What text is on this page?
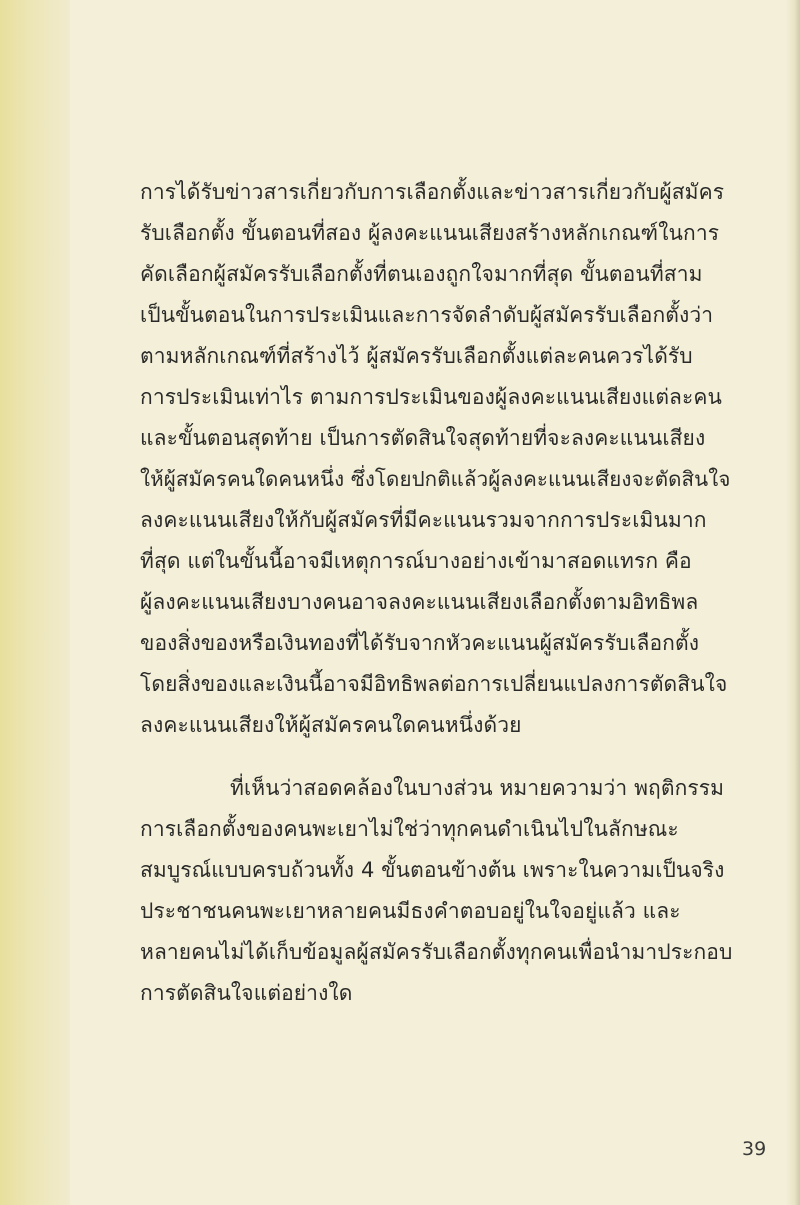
การได้รับข่าวสารเกี่ยวกับการเลือกตั้งและข่าวสารเกี่ยวกับผู้สมัคร
รับเลือกตั้ง ขั้นตอนที่สอง ผู้ลงคะแนนเสียงสร้างหลักเกณฑ์ในการ
คัดเลือกผู้สมัครรับเลือกตั้งที่ตนเองถูกใจมากที่สุด ขั้นตอนที่สาม
เป็นขั้นตอนในการประเมินและการจัดลำดับผู้สมัครรับเลือกตั้งว่า
ตามหลักเกณฑ์ที่สร้างไว้ ผู้สมัครรับเลือกตั้งแต่ละคนควรได้รับ
การประเมินเท่าไร ตามการประเมินของผู้ลงคะแนนเสียงแต่ละคน
และขั้นตอนสุดท้าย เป็นการตัดสินใจสุดท้ายที่จะลงคะแนนเสียง
ให้ผู้สมัครคนใดคนหนึ่ง ซึ่งโดยปกติแล้วผู้ลงคะแนนเสียงจะตัดสินใจ
ลงคะแนนเสียงให้กับผู้สมัครที่มีคะแนนรวมจากการประเมินมาก
ที่สุด แต่ในขั้นนี้อาจมีเหตุการณ์บางอย่างเข้ามาสอดแทรก คือ
ผู้ลงคะแนนเสียงบางคนอาจลงคะแนนเสียงเลือกตั้งตามอิทธิพล
ของสิ่งของหรือเงินทองที่ได้รับจากหัวคะแนนผู้สมัครรับเลือกตั้ง
โดยสิ่งของและเงินนี้อาจมีอิทธิพลต่อการเปลี่ยนแปลงการตัดสินใจ
ลงคะแนนเสียงให้ผู้สมัครคนใดคนหนึ่งด้วย
ที่เห็นว่าสอดคล้องในบางส่วน หมายความว่า พฤติกรรม
การเลือกตั้งของคนพะเยาไม่ใช่ว่าทุกคนดำเนินไปในลักษณะ
สมบูรณ์แบบครบถ้วนทั้ง 4 ขั้นตอนข้างต้น เพราะในความเป็นจริง
ประชาชนคนพะเยาหลายคนมีธงคำตอบอยู่ในใจอยู่แล้ว และ
หลายคนไม่ได้เก็บข้อมูลผู้สมัครรับเลือกตั้งทุกคนเพื่อนำมาประกอบ
การตัดสินใจแต่อย่างใด
39
